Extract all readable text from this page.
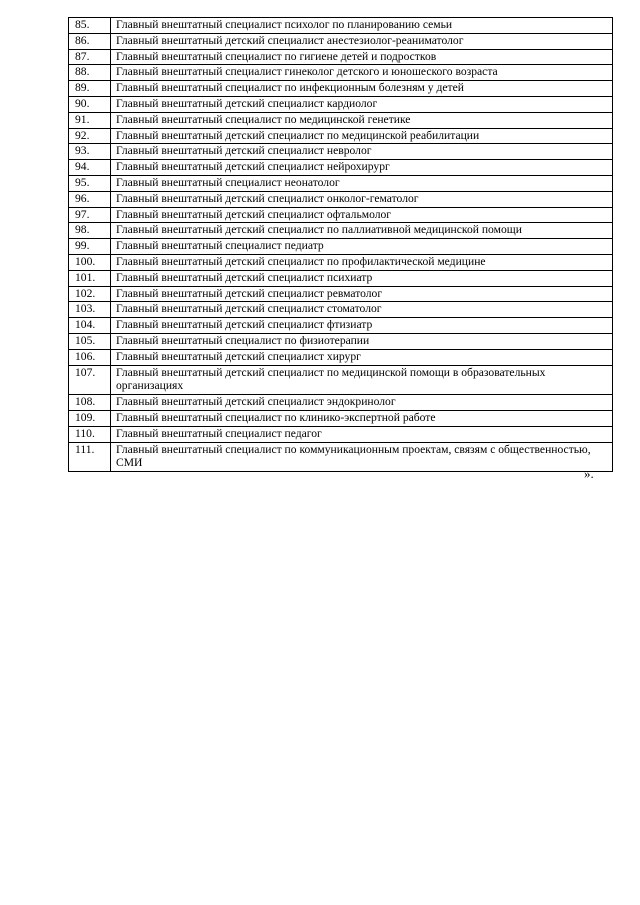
85.	Главный внештатный специалист психолог по планированию семьи
86.	Главный внештатный детский специалист анестезиолог-реаниматолог
87.	Главный внештатный специалист по гигиене детей и подростков
88.	Главный внештатный специалист гинеколог детского и юношеского возраста
89.	Главный внештатный специалист по инфекционным болезням у детей
90.	Главный внештатный детский специалист кардиолог
91.	Главный внештатный специалист по медицинской генетике
92.	Главный внештатный детский специалист по медицинской реабилитации
93.	Главный внештатный детский специалист невролог
94.	Главный внештатный детский специалист нейрохирург
95.	Главный внештатный специалист неонатолог
96.	Главный внештатный детский специалист онколог-гематолог
97.	Главный внештатный детский специалист офтальмолог
98.	Главный внештатный детский специалист по паллиативной медицинской помощи
99.	Главный внештатный специалист педиатр
100.	Главный внештатный детский специалист по профилактической медицине
101.	Главный внештатный детский специалист психиатр
102.	Главный внештатный детский специалист ревматолог
103.	Главный внештатный детский специалист стоматолог
104.	Главный внештатный детский специалист фтизиатр
105.	Главный внештатный специалист по физиотерапии
106.	Главный внештатный детский специалист хирург
107.	Главный внештатный детский специалист по медицинской помощи в образовательных организациях
108.	Главный внештатный детский специалист эндокринолог
109.	Главный внештатный специалист по клинико-экспертной работе
110.	Главный внештатный специалист педагог
111.	Главный внештатный специалист по коммуникационным проектам, связям с общественностью, СМИ
».
